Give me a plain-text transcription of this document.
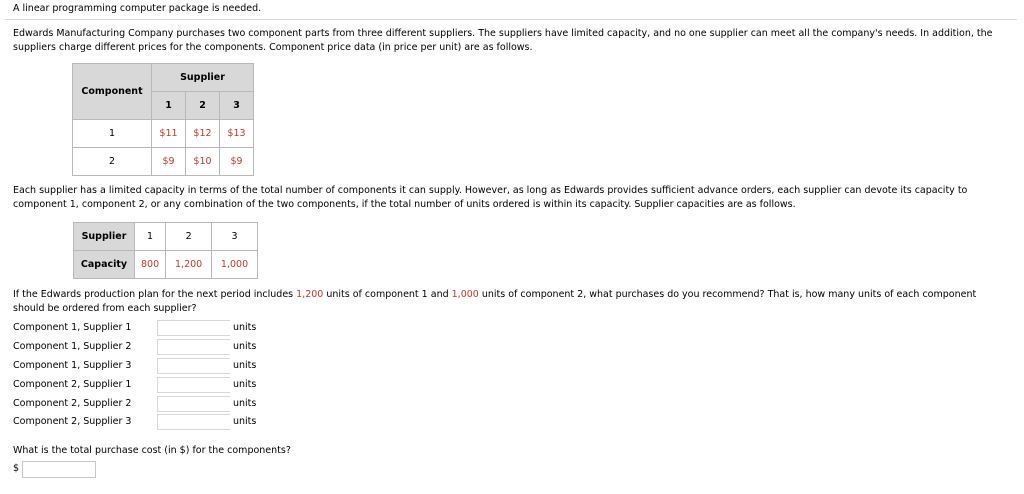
A linear programming computer package is needed.
Edwards Manufacturing Company purchases two component parts from three different suppliers. The suppliers have limited capacity, and no one supplier can meet all the company's needs. In addition, the suppliers charge different prices for the components. Component price data (in price per unit) are as follows.
Component	Supplier		
	1	2	3
1	$11	$12	$13
2	$9	$10	$9
Each supplier has a limited capacity in terms of the total number of components it can supply. However, as long as Edwards provides sufficient advance orders, each supplier can devote its capacity to component 1, component 2, or any combination of the two components, if the total number of units ordered is within its capacity. Supplier capacities are as follows.
Supplier	1	2	3
Capacity	800	1,200	1,000
If the Edwards production plan for the next period includes 1,200 units of component 1 and 1,000 units of component 2, what purchases do you recommend? That is, how many units of each component should be ordered from each supplier?
Component 1, Supplier 1	units
Component 1, Supplier 2	units
Component 1, Supplier 3	units
Component 2, Supplier 1	units
Component 2, Supplier 2	units
Component 2, Supplier 3	units
What is the total purchase cost (in $) for the components?
$
